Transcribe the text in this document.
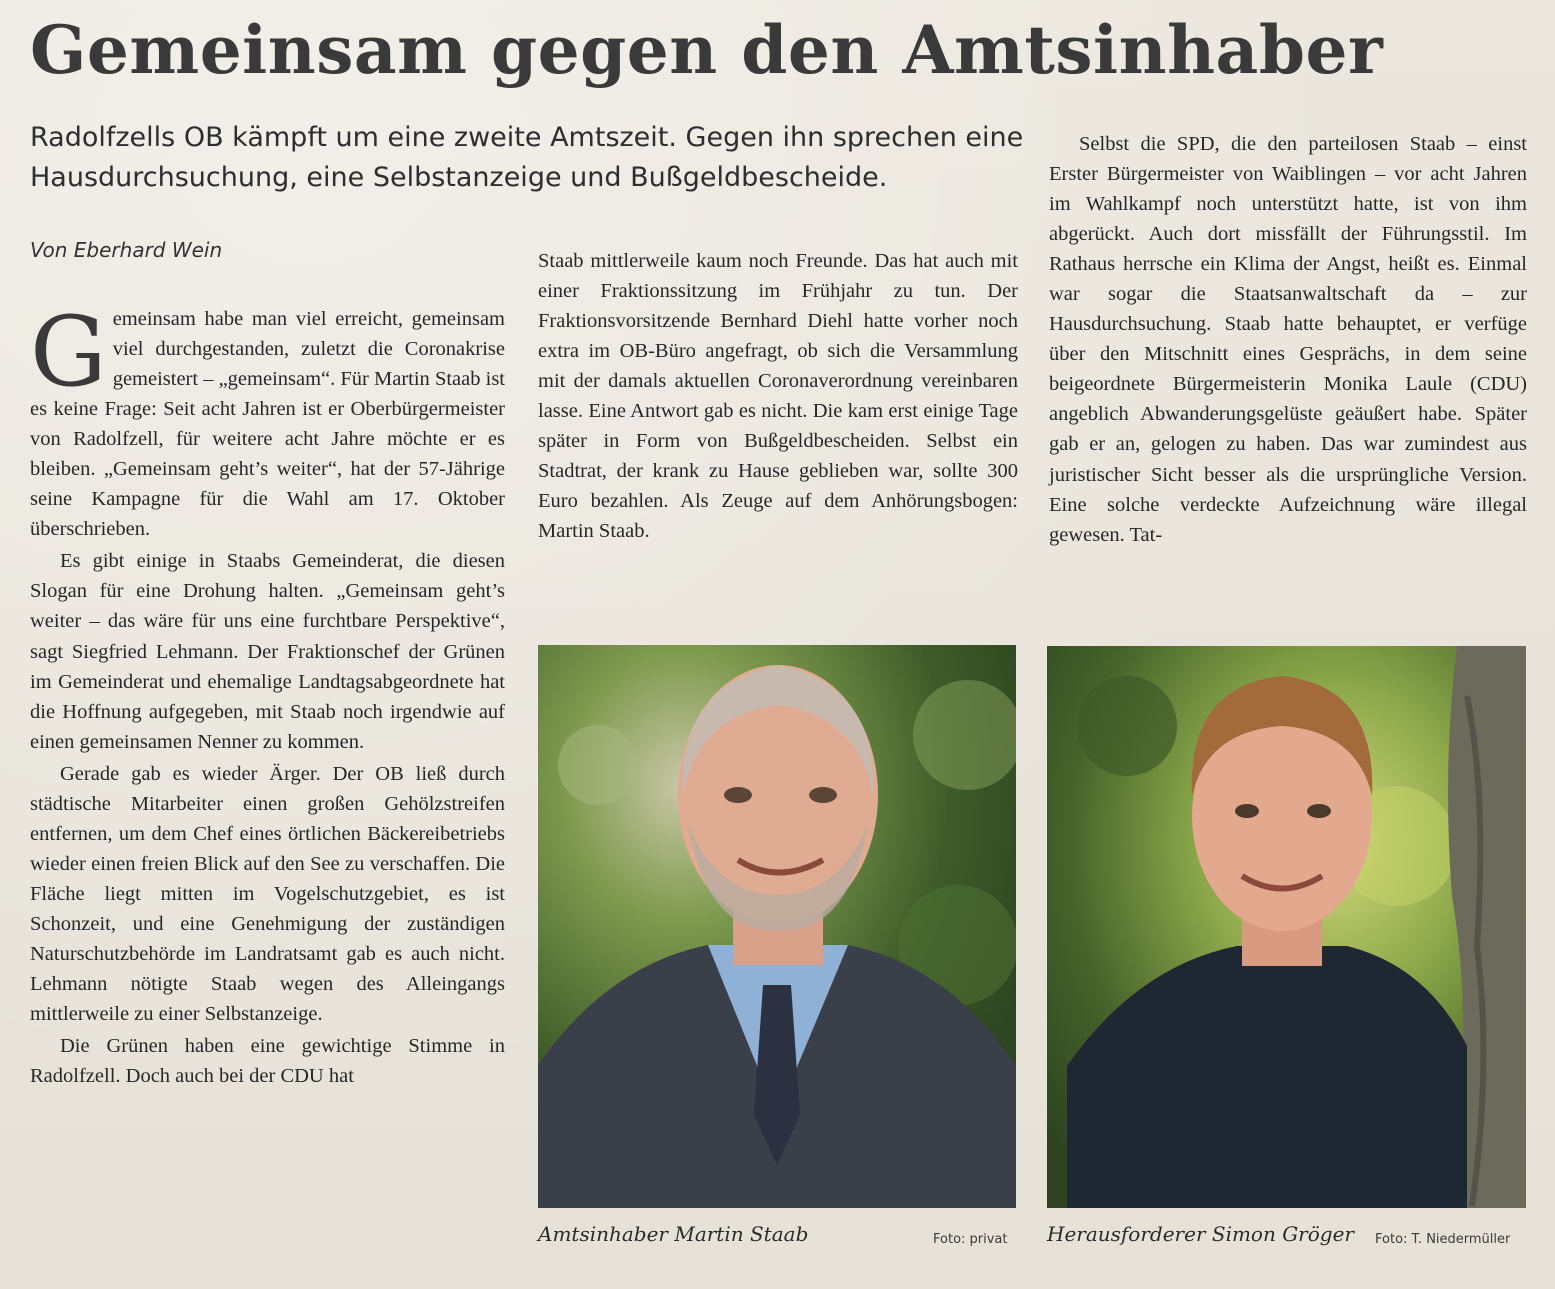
Gemeinsam gegen den Amtsinhaber

Radolfzells OB kämpft um eine zweite Amtszeit. Gegen ihn sprechen eine Hausdurchsuchung, eine Selbstanzeige und Bußgeldbescheide.

Von Eberhard Wein

Gemeinsam habe man viel erreicht, gemeinsam viel durchgestanden, zuletzt die Coronakrise gemeistert – „gemeinsam“. Für Martin Staab ist es keine Frage: Seit acht Jahren ist er Oberbürgermeister von Radolfzell, für weitere acht Jahre möchte er es bleiben. „Gemeinsam geht’s weiter“, hat der 57-Jährige seine Kampagne für die Wahl am 17. Oktober überschrieben.

Es gibt einige in Staabs Gemeinderat, die diesen Slogan für eine Drohung halten. „Gemeinsam geht’s weiter – das wäre für uns eine furchtbare Perspektive“, sagt Siegfried Lehmann. Der Fraktionschef der Grünen im Gemeinderat und ehemalige Landtagsabgeordnete hat die Hoffnung aufgegeben, mit Staab noch irgendwie auf einen gemeinsamen Nenner zu kommen.

Gerade gab es wieder Ärger. Der OB ließ durch städtische Mitarbeiter einen großen Gehölzstreifen entfernen, um dem Chef eines örtlichen Bäckereibetriebs wieder einen freien Blick auf den See zu verschaffen. Die Fläche liegt mitten im Vogelschutzgebiet, es ist Schonzeit, und eine Genehmigung der zuständigen Naturschutzbehörde im Landratsamt gab es auch nicht. Lehmann nötigte Staab wegen des Alleingangs mittlerweile zu einer Selbstanzeige.

Die Grünen haben eine gewichtige Stimme in Radolfzell. Doch auch bei der CDU hat

Staab mittlerweile kaum noch Freunde. Das hat auch mit einer Fraktionssitzung im Frühjahr zu tun. Der Fraktionsvorsitzende Bernhard Diehl hatte vorher noch extra im OB-Büro angefragt, ob sich die Versammlung mit der damals aktuellen Coronaverordnung vereinbaren lasse. Eine Antwort gab es nicht. Die kam erst einige Tage später in Form von Bußgeldbescheiden. Selbst ein Stadtrat, der krank zu Hause geblieben war, sollte 300 Euro bezahlen. Als Zeuge auf dem Anhörungsbogen: Martin Staab.

Selbst die SPD, die den parteilosen Staab – einst Erster Bürgermeister von Waiblingen – vor acht Jahren im Wahlkampf noch unterstützt hatte, ist von ihm abgerückt. Auch dort missfällt der Führungsstil. Im Rathaus herrsche ein Klima der Angst, heißt es. Einmal war sogar die Staatsanwaltschaft da – zur Hausdurchsuchung. Staab hatte behauptet, er verfüge über den Mitschnitt eines Gesprächs, in dem seine beigeordnete Bürgermeisterin Monika Laule (CDU) angeblich Abwanderungsgelüste geäußert habe. Später gab er an, gelogen zu haben. Das war zumindest aus juristischer Sicht besser als die ursprüngliche Version. Eine solche verdeckte Aufzeichnung wäre illegal gewesen. Tat-

Amtsinhaber Martin Staab	Foto: privat Herausforderer Simon Gröger Foto: T. Niedermüller
